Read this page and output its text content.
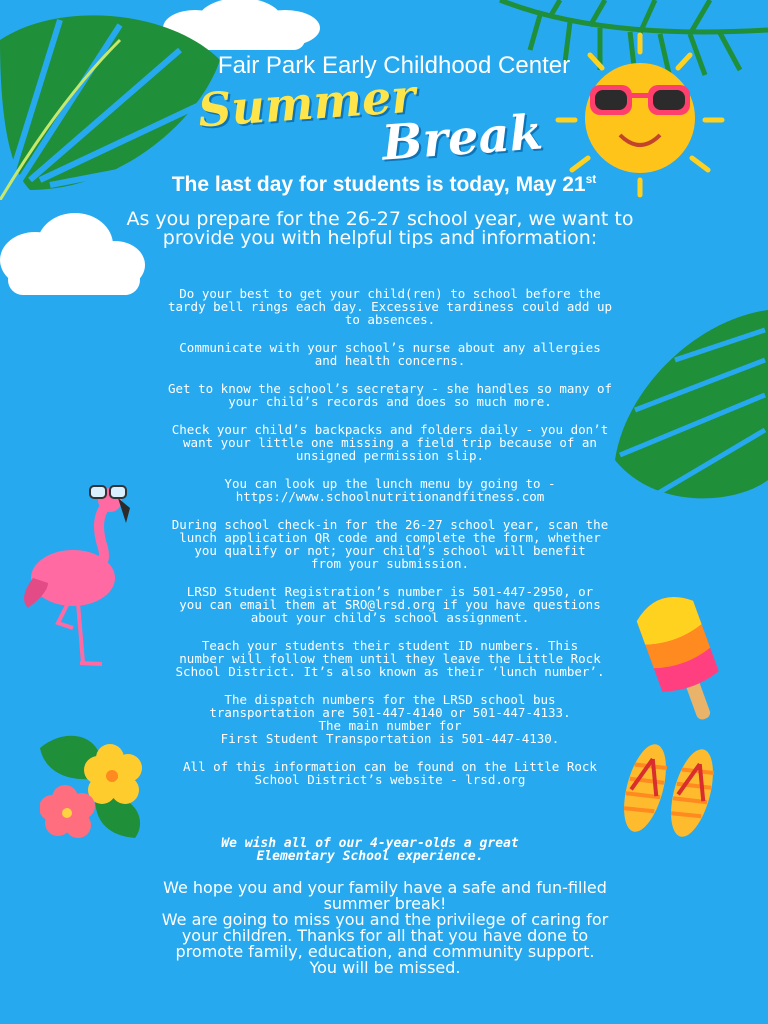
Fair Park Early Childhood Center

Summer

Break

The last day for students is today, May 21st

As you prepare for the 26-27 school year, we want to provide you with helpful tips and information:

Do your best to get your child(ren) to school before the
tardy bell rings each day. Excessive tardiness could add up
to absences.

Communicate with your school’s nurse about any allergies
and health concerns.

Get to know the school’s secretary - she handles so many of
your child’s records and does so much more.

Check your child’s backpacks and folders daily - you don’t
want your little one missing a field trip because of an
unsigned permission slip.

You can look up the lunch menu by going to -
https://www.schoolnutritionandfitness.com

During school check-in for the 26-27 school year, scan the
lunch application QR code and complete the form, whether
you qualify or not; your child’s school will benefit
from your submission.

LRSD Student Registration’s number is 501-447-2950, or
you can email them at SRO@lrsd.org if you have questions
about your child’s school assignment.

Teach your students their student ID numbers. This
number will follow them until they leave the Little Rock
School District. It’s also known as their ‘lunch number’.

The dispatch numbers for the LRSD school bus
transportation are 501-447-4140 or 501-447-4133.
The main number for
First Student Transportation is 501-447-4130.

All of this information can be found on the Little Rock
School District’s website - lrsd.org

We wish all of our 4-year-olds a great
Elementary School experience.

We hope you and your family have a safe and fun-filled
summer break!
We are going to miss you and the privilege of caring for
your children. Thanks for all that you have done to
promote family, education, and community support.
You will be missed.
